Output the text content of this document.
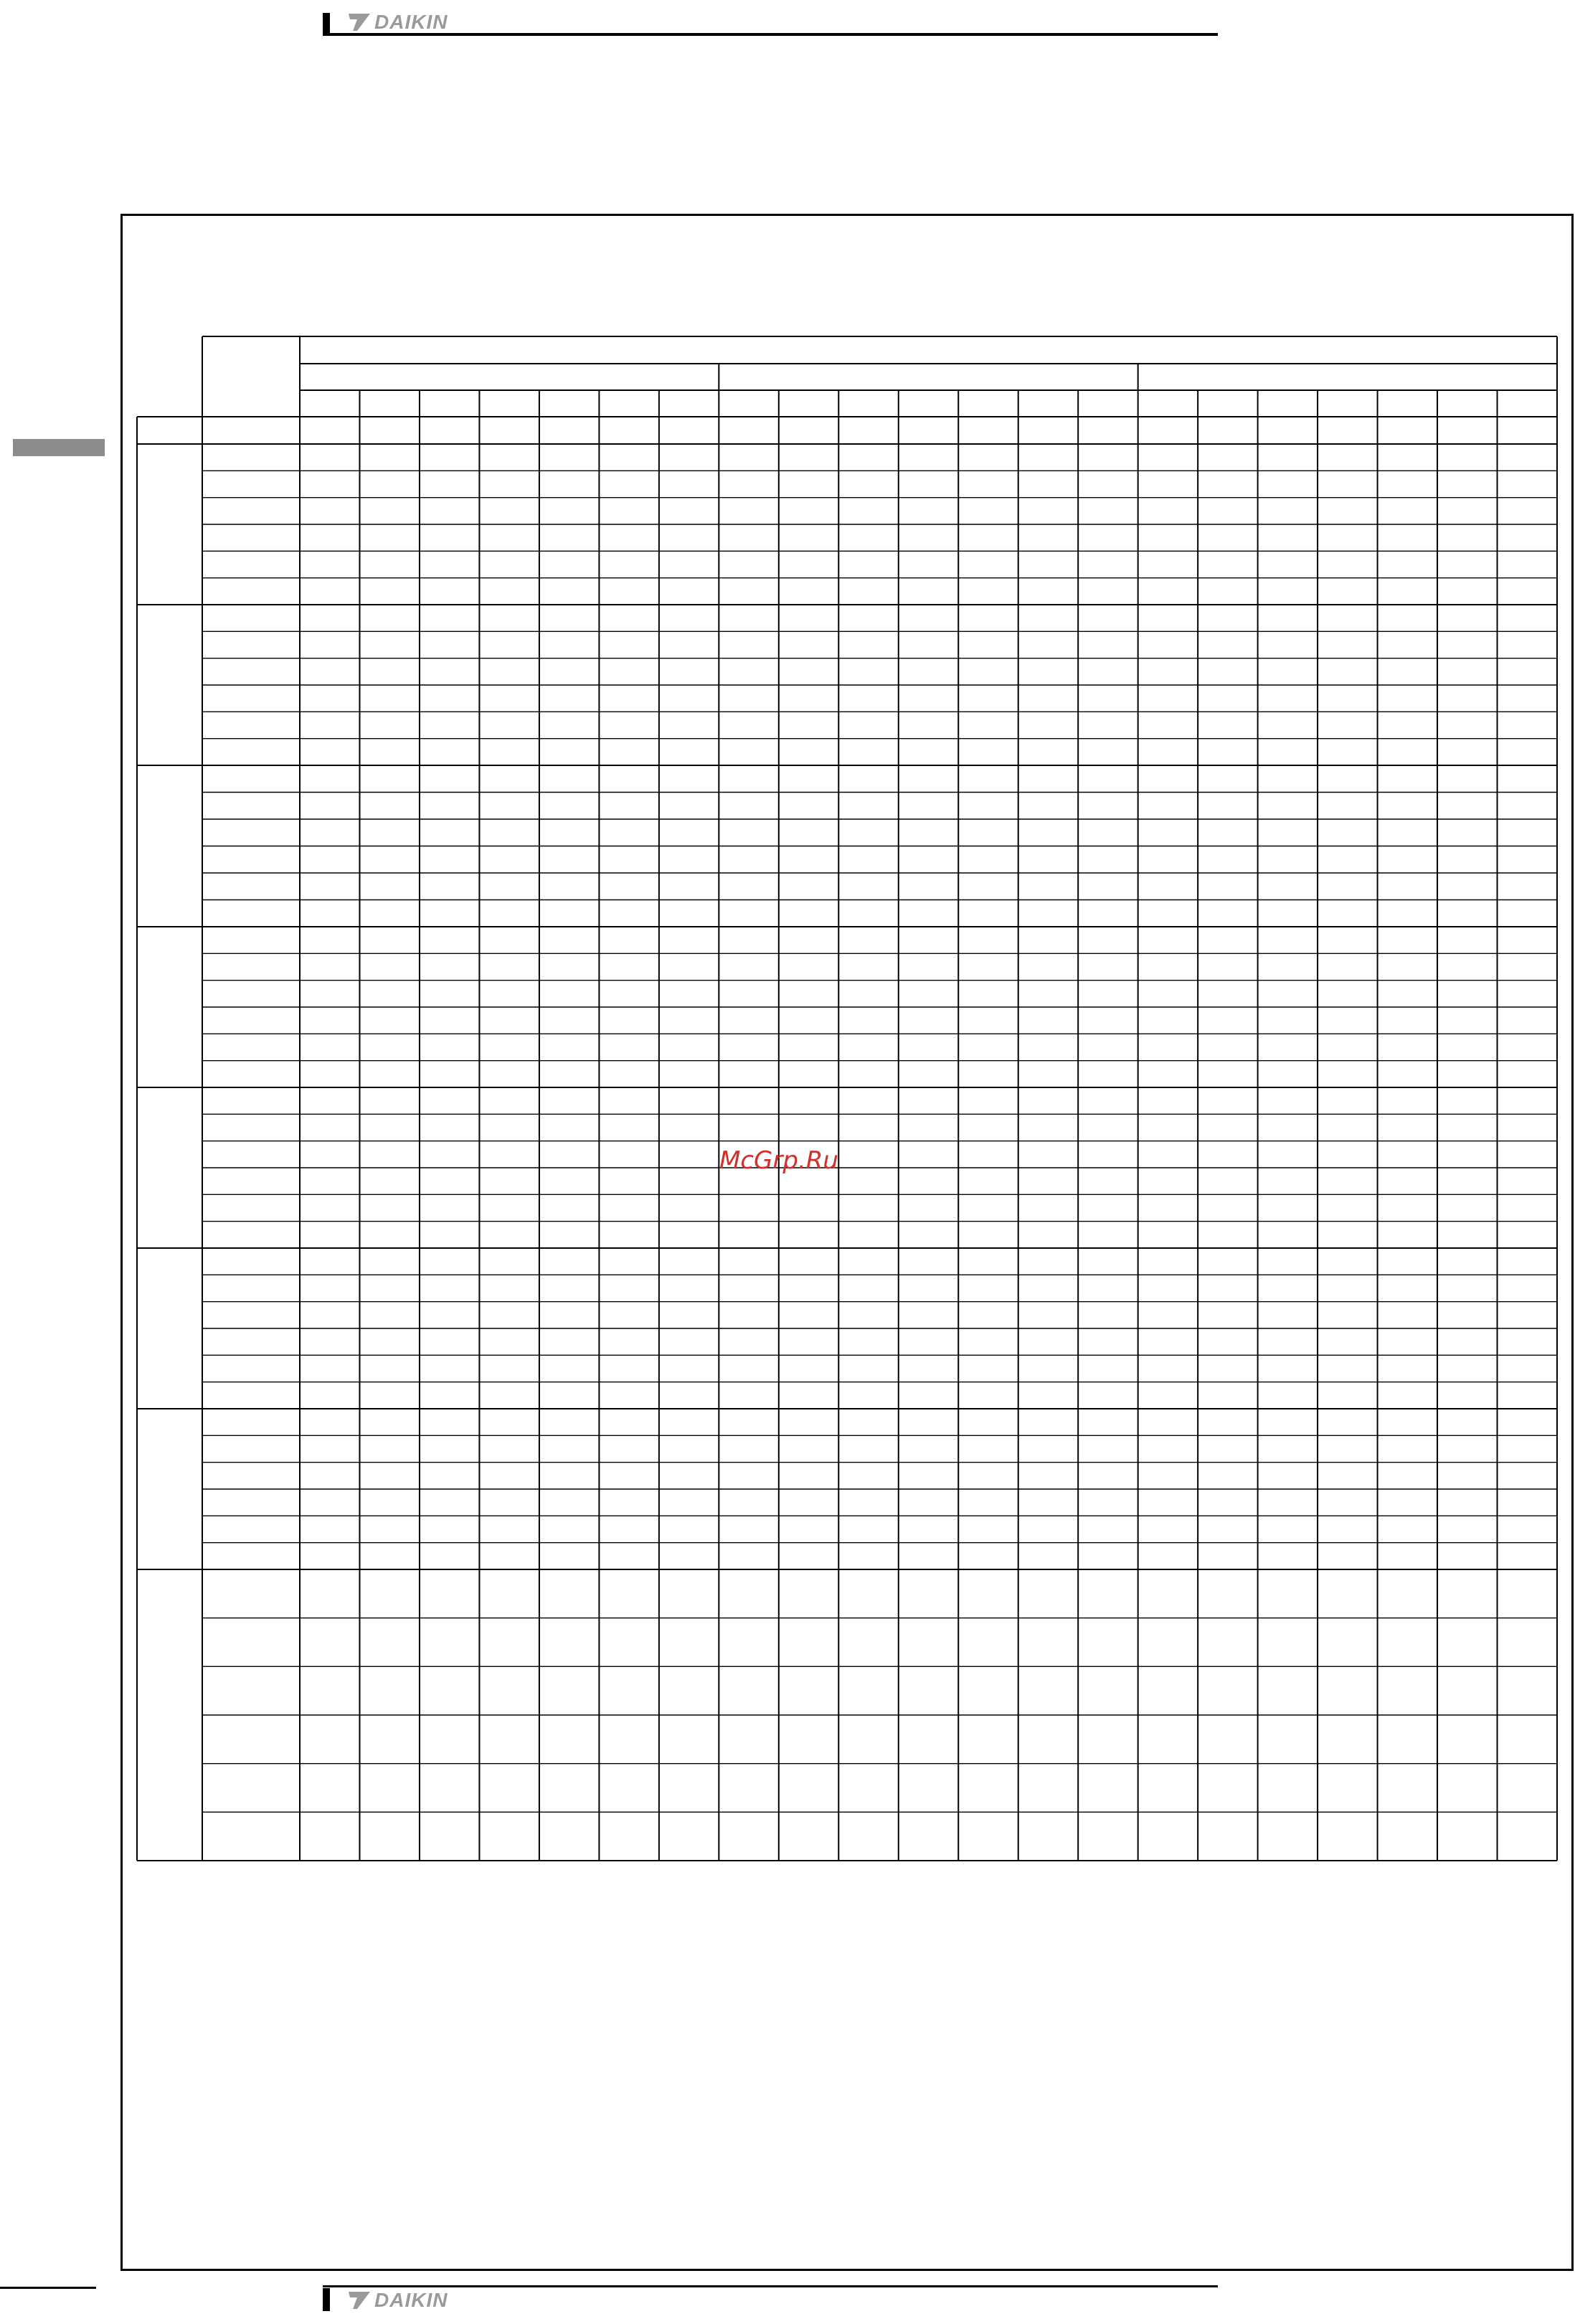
DAIKIN
McGrp.Ru
DAIKIN
